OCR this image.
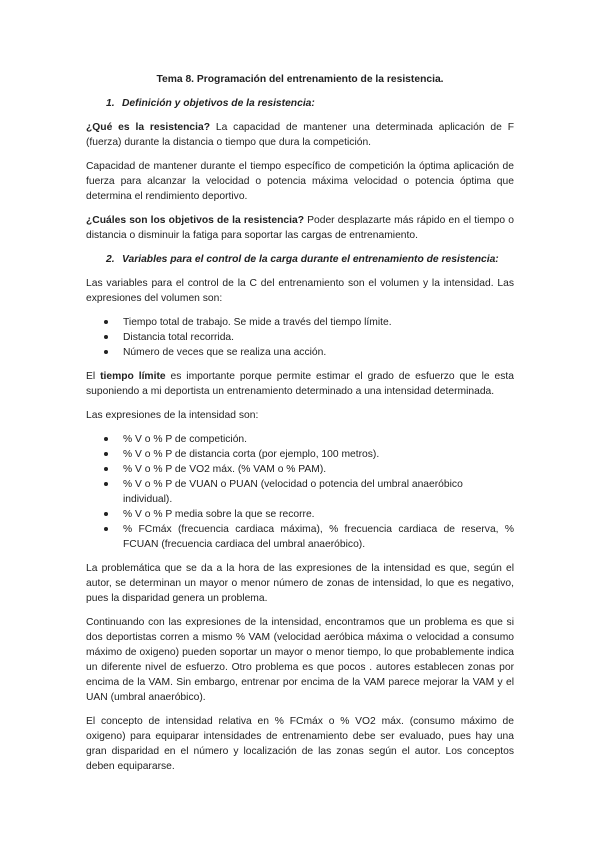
Tema 8. Programación del entrenamiento de la resistencia.

1. Definición y objetivos de la resistencia:

¿Qué es la resistencia? La capacidad de mantener una determinada aplicación de F (fuerza) durante la distancia o tiempo que dura la competición.

Capacidad de mantener durante el tiempo específico de competición la óptima aplicación de fuerza para alcanzar la velocidad o potencia máxima velocidad o potencia óptima que determina el rendimiento deportivo.

¿Cuáles son los objetivos de la resistencia? Poder desplazarte más rápido en el tiempo o distancia o disminuir la fatiga para soportar las cargas de entrenamiento.

2. Variables para el control de la carga durante el entrenamiento de resistencia:

Las variables para el control de la C del entrenamiento son el volumen y la intensidad. Las expresiones del volumen son:

Tiempo total de trabajo. Se mide a través del tiempo límite.
Distancia total recorrida.
Número de veces que se realiza una acción.

El tiempo límite es importante porque permite estimar el grado de esfuerzo que le esta suponiendo a mi deportista un entrenamiento determinado a una intensidad determinada.

Las expresiones de la intensidad son:

% V o % P de competición.
% V o % P de distancia corta (por ejemplo, 100 metros).
% V o % P de VO2 máx. (% VAM o % PAM).
% V o % P de VUAN o PUAN (velocidad o potencia del umbral anaeróbico individual).
% V o % P media sobre la que se recorre.
% FCmáx (frecuencia cardiaca máxima), % frecuencia cardiaca de reserva, % FCUAN (frecuencia cardiaca del umbral anaeróbico).

La problemática que se da a la hora de las expresiones de la intensidad es que, según el autor, se determinan un mayor o menor número de zonas de intensidad, lo que es negativo, pues la disparidad genera un problema.

Continuando con las expresiones de la intensidad, encontramos que un problema es que si dos deportistas corren a mismo % VAM (velocidad aeróbica máxima o velocidad a consumo máximo de oxigeno) pueden soportar un mayor o menor tiempo, lo que probablemente indica un diferente nivel de esfuerzo. Otro problema es que pocos . autores establecen zonas por encima de la VAM. Sin embargo, entrenar por encima de la VAM parece mejorar la VAM y el UAN (umbral anaeróbico).

El concepto de intensidad relativa en % FCmáx o % VO2 máx. (consumo máximo de oxigeno) para equiparar intensidades de entrenamiento debe ser evaluado, pues hay una gran disparidad en el número y localización de las zonas según el autor. Los conceptos deben equipararse.
